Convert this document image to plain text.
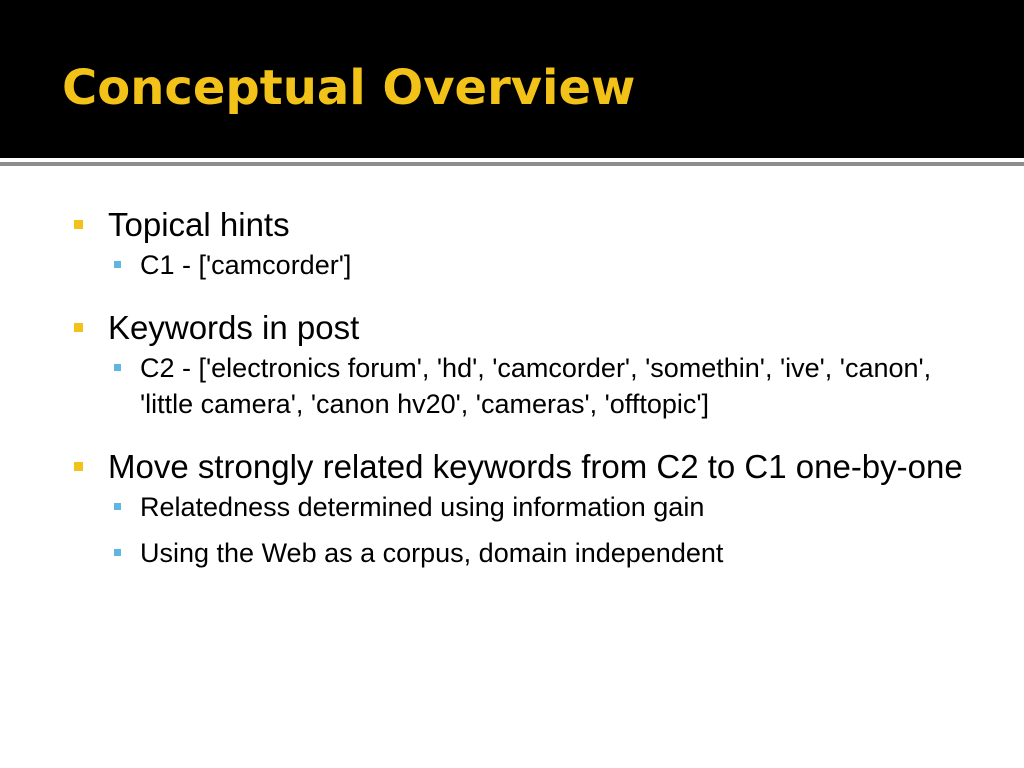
Conceptual Overview
Topical hints
C1 - ['camcorder']
Keywords in post
C2 - ['electronics forum', 'hd', 'camcorder', 'somethin', 'ive', 'canon', 'little camera', 'canon hv20', 'cameras', 'offtopic']
Move strongly related keywords from C2 to C1 one-by-one
Relatedness determined using information gain
Using the Web as a corpus, domain independent
